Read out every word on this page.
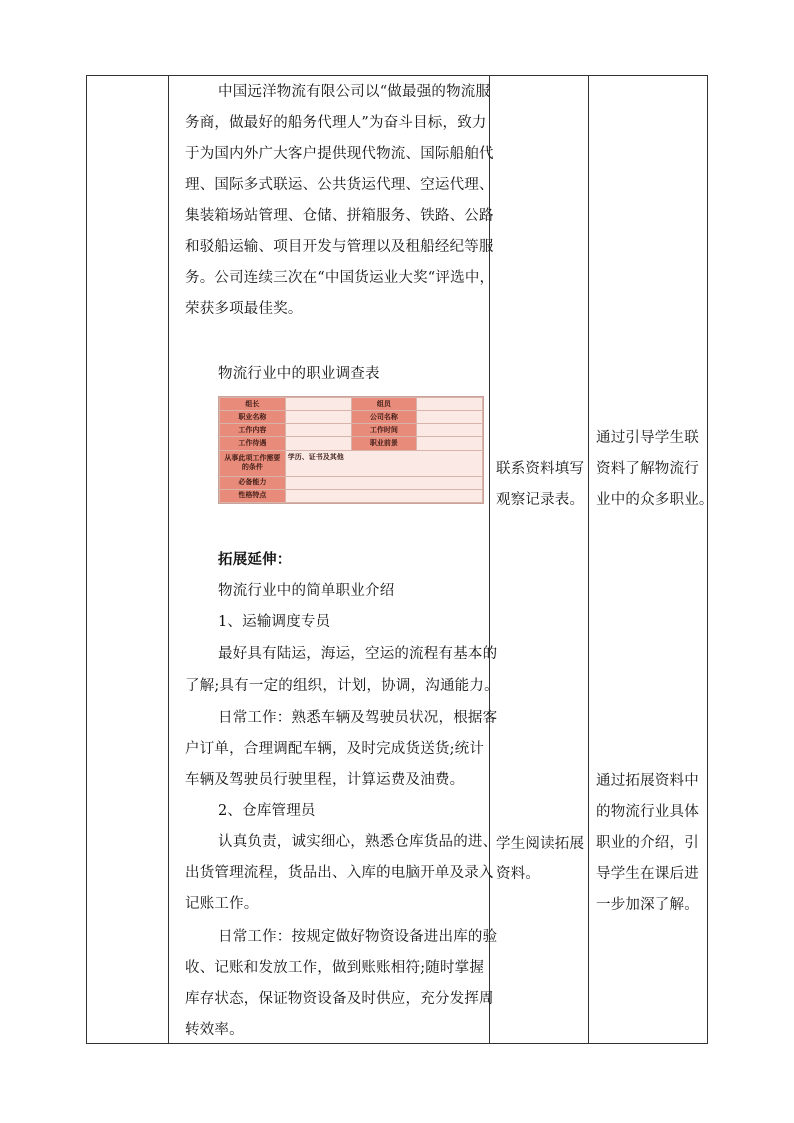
中国远洋物流有限公司以“做最强的物流服
务商，做最好的船务代理人”为奋斗目标，致力
于为国内外广大客户提供现代物流、国际船舶代
理、国际多式联运、公共货运代理、空运代理、
集装箱场站管理、仓储、拼箱服务、铁路、公路
和驳船运输、项目开发与管理以及租船经纪等服
务。公司连续三次在“中国货运业大奖“评选中，
荣获多项最佳奖。
物流行业中的职业调查表
组长		组员	
职业名称		公司名称	
工作内容		工作时间	
工作待遇		职业前景	
从事此项工作需要的条件	学历、证书及其他		
必备能力			
性格特点			
拓展延伸：
物流行业中的简单职业介绍
1、运输调度专员
最好具有陆运，海运，空运的流程有基本的
了解;具有一定的组织，计划，协调，沟通能力。
日常工作：熟悉车辆及驾驶员状况，根据客
户订单，合理调配车辆，及时完成货送货;统计
车辆及驾驶员行驶里程，计算运费及油费。
2、仓库管理员
认真负责，诚实细心，熟悉仓库货品的进、
出货管理流程，货品出、入库的电脑开单及录入
记账工作。
日常工作：按规定做好物资设备进出库的验
收、记账和发放工作，做到账账相符;随时掌握
库存状态，保证物资设备及时供应，充分发挥周
转效率。
联系资料填写
观察记录表。
学生阅读拓展
资料。
通过引导学生联
资料了解物流行
业中的众多职业。
通过拓展资料中
的物流行业具体
职业的介绍，引
导学生在课后进
一步加深了解。
